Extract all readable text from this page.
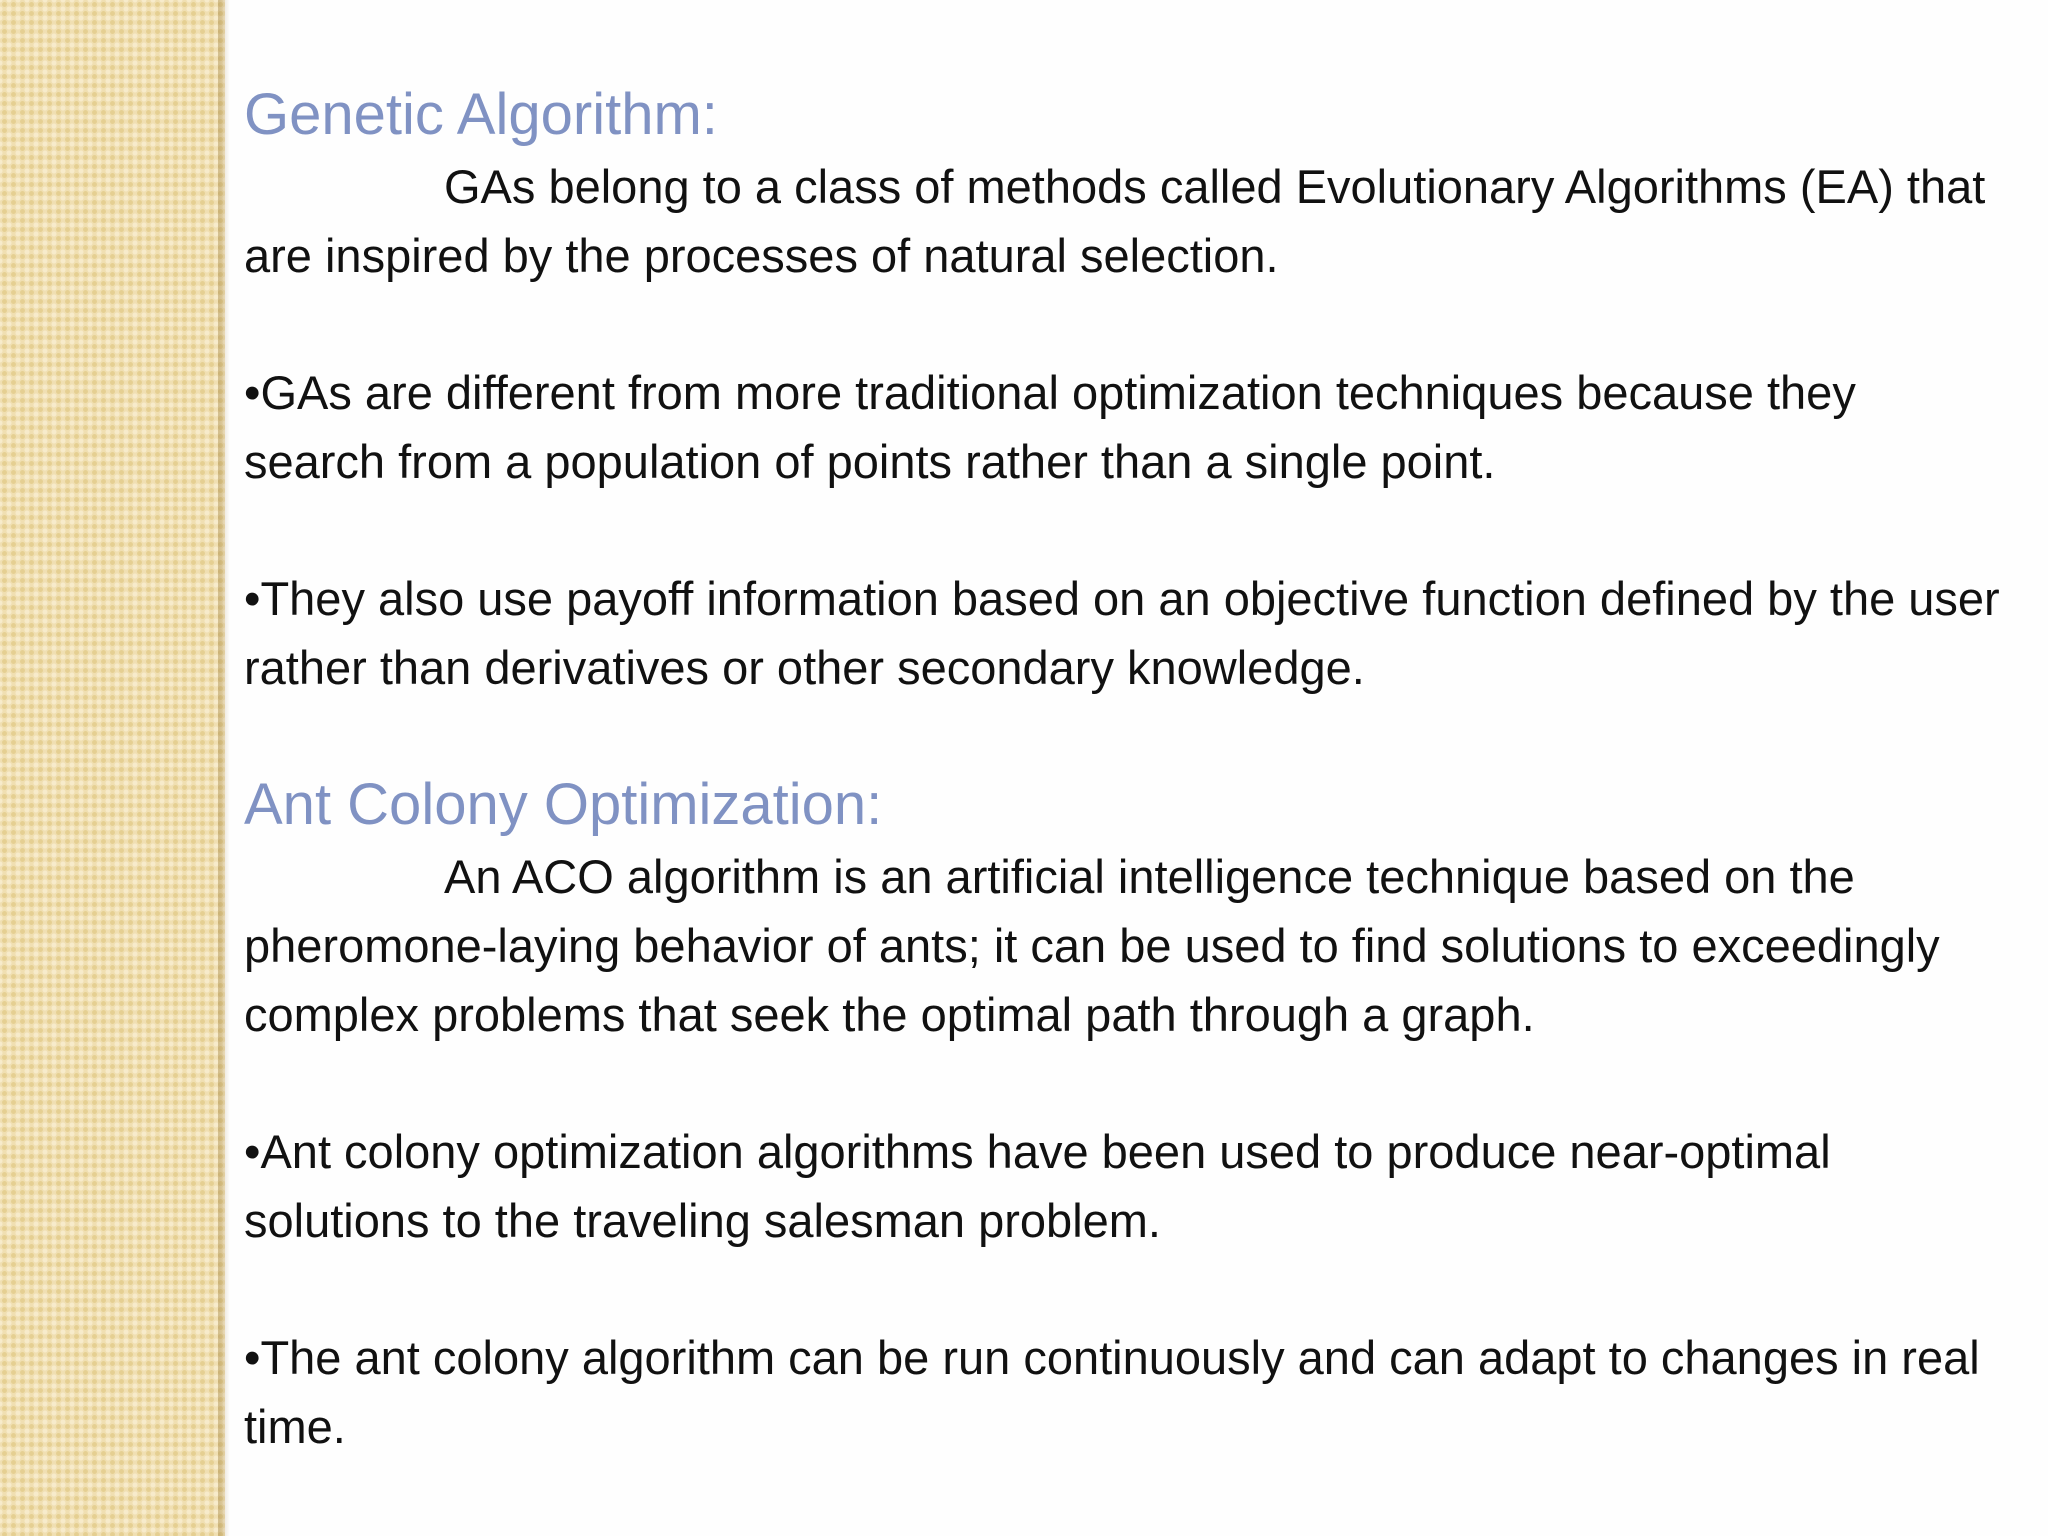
Genetic Algorithm:

GAs belong to a class of methods called Evolutionary Algorithms (EA) that are inspired by the processes of natural selection.

•GAs are different from more traditional optimization techniques because they search from a population of points rather than a single point.

•They also use payoff information based on an objective function defined by the user rather than derivatives or other secondary knowledge.

Ant Colony Optimization:

An ACO algorithm is an artificial intelligence technique based on the pheromone-laying behavior of ants; it can be used to find solutions to exceedingly complex problems that seek the optimal path through a graph.

•Ant colony optimization algorithms have been used to produce near-optimal solutions to the traveling salesman problem.

•The ant colony algorithm can be run continuously and can adapt to changes in real time.
